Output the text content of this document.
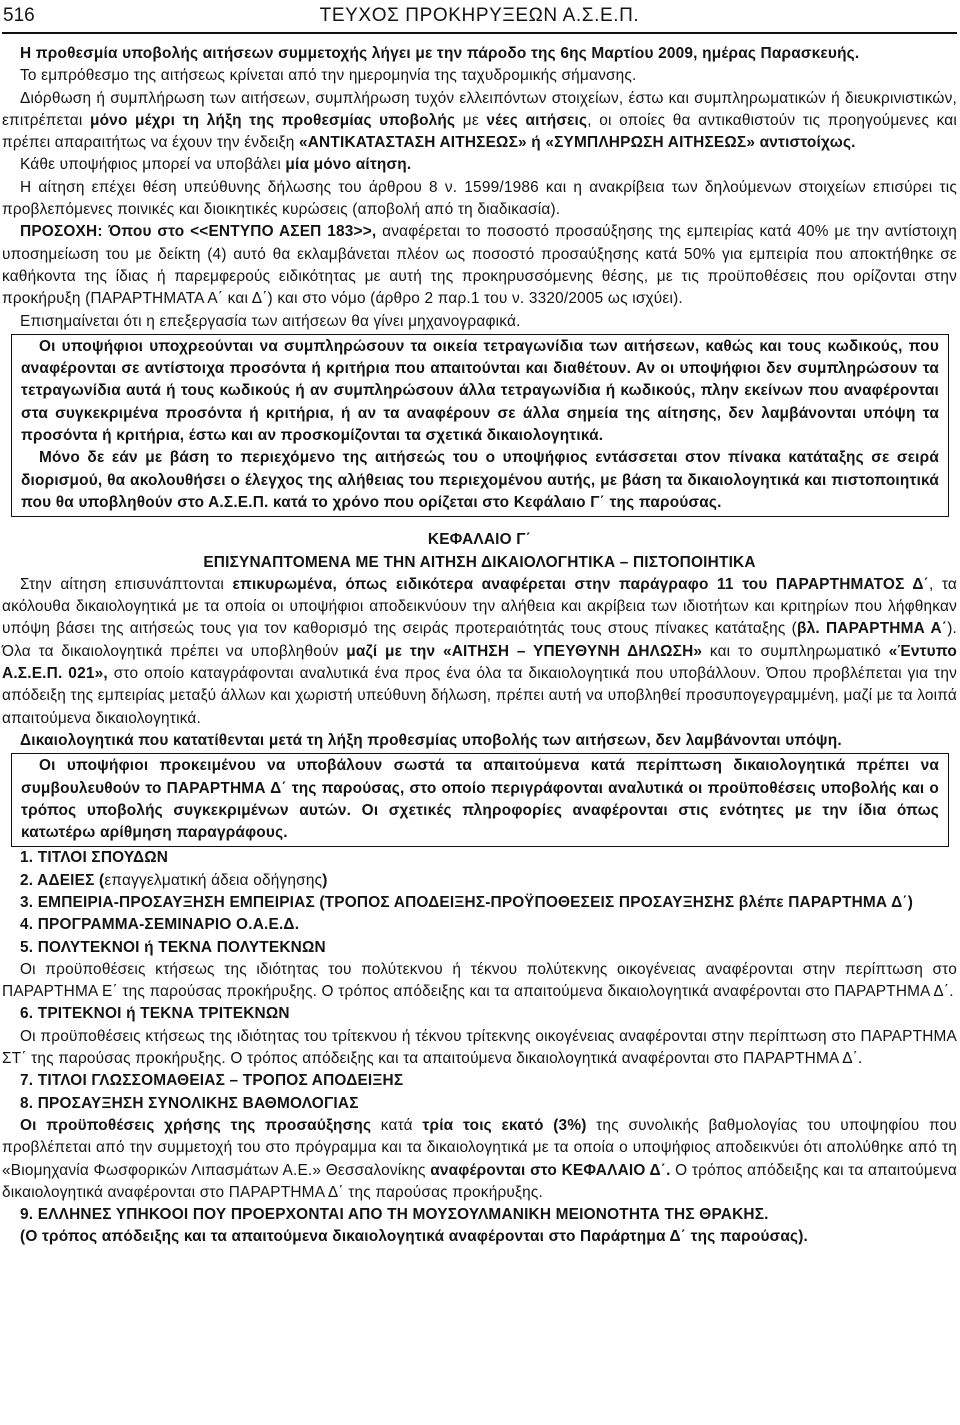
516	ΤΕΥΧΟΣ ΠΡΟΚΗΡΥΞΕΩΝ Α.Σ.Ε.Π.

Η προθεσμία υποβολής αιτήσεων συμμετοχής λήγει με την πάροδο της 6ης Μαρτίου 2009, ημέρας Παρασκευής.

Το εμπρόθεσμο της αιτήσεως κρίνεται από την ημερομηνία της ταχυδρομικής σήμανσης.

Διόρθωση ή συμπλήρωση των αιτήσεων, συμπλήρωση τυχόν ελλειπόντων στοιχείων, έστω και συμπληρωματικών ή διευκρινιστικών, επιτρέπεται μόνο μέχρι τη λήξη της προθεσμίας υποβολής με νέες αιτήσεις, οι οποίες θα αντικαθιστούν τις προηγούμενες και πρέπει απαραιτήτως να έχουν την ένδειξη «ΑΝΤΙΚΑΤΑΣΤΑΣΗ ΑΙΤΗΣΕΩΣ» ή «ΣΥΜΠΛΗΡΩΣΗ ΑΙΤΗΣΕΩΣ» αντιστοίχως.

Κάθε υποψήφιος μπορεί να υποβάλει μία μόνο αίτηση.

Η αίτηση επέχει θέση υπεύθυνης δήλωσης του άρθρου 8 ν. 1599/1986 και η ανακρίβεια των δηλούμενων στοιχείων επισύρει τις προβλεπόμενες ποινικές και διοικητικές κυρώσεις (αποβολή από τη διαδικασία).

ΠΡΟΣΟΧΗ: Όπου στο <<ΕΝΤΥΠΟ ΑΣΕΠ 183>>, αναφέρεται το ποσοστό προσαύξησης της εμπειρίας κατά 40% με την αντίστοιχη υποσημείωση του με δείκτη (4) αυτό θα εκλαμβάνεται πλέον ως ποσοστό προσαύξησης κατά 50% για εμπειρία που αποκτήθηκε σε καθήκοντα της ίδιας ή παρεμφερούς ειδικότητας με αυτή της προκηρυσσόμενης θέσης, με τις προϋποθέσεις που ορίζονται στην προκήρυξη (ΠΑΡΑΡΤΗΜΑΤΑ Α΄ και Δ΄) και στο νόμο (άρθρο 2 παρ.1 του ν. 3320/2005 ως ισχύει).

Επισημαίνεται ότι η επεξεργασία των αιτήσεων θα γίνει μηχανογραφικά.

Οι υποψήφιοι υποχρεούνται να συμπληρώσουν τα οικεία τετραγωνίδια των αιτήσεων, καθώς και τους κωδικούς, που αναφέρονται σε αντίστοιχα προσόντα ή κριτήρια που απαιτούνται και διαθέτουν. Αν οι υποψήφιοι δεν συμπληρώσουν τα τετραγωνίδια αυτά ή τους κωδικούς ή αν συμπληρώσουν άλλα τετραγωνίδια ή κωδικούς, πλην εκείνων που αναφέρονται στα συγκεκριμένα προσόντα ή κριτήρια, ή αν τα αναφέρουν σε άλλα σημεία της αίτησης, δεν λαμβάνονται υπόψη τα προσόντα ή κριτήρια, έστω και αν προσκομίζονται τα σχετικά δικαιολογητικά.

Μόνο δε εάν με βάση το περιεχόμενο της αιτήσεώς του ο υποψήφιος εντάσσεται στον πίνακα κατάταξης σε σειρά διορισμού, θα ακολουθήσει ο έλεγχος της αλήθειας του περιεχομένου αυτής, με βάση τα δικαιολογητικά και πιστοποιητικά που θα υποβληθούν στο Α.Σ.Ε.Π. κατά το χρόνο που ορίζεται στο Κεφάλαιο Γ΄ της παρούσας.

ΚΕΦΑΛΑΙΟ Γ΄

ΕΠΙΣΥΝΑΠΤΟΜΕΝΑ ΜΕ ΤΗΝ ΑΙΤΗΣΗ ΔΙΚΑΙΟΛΟΓΗΤΙΚΑ – ΠΙΣΤΟΠΟΙΗΤΙΚΑ

Στην αίτηση επισυνάπτονται επικυρωμένα, όπως ειδικότερα αναφέρεται στην παράγραφο 11 του ΠΑΡΑΡΤΗΜΑΤΟΣ Δ΄, τα ακόλουθα δικαιολογητικά με τα οποία οι υποψήφιοι αποδεικνύουν την αλήθεια και ακρίβεια των ιδιοτήτων και κριτηρίων που λήφθηκαν υπόψη βάσει της αιτήσεώς τους για τον καθορισμό της σειράς προτεραιότητάς τους στους πίνακες κατάταξης (βλ. ΠΑΡΑΡΤΗΜΑ Α΄). Όλα τα δικαιολογητικά πρέπει να υποβληθούν μαζί με την «ΑΙΤΗΣΗ – ΥΠΕΥΘΥΝΗ ΔΗΛΩΣΗ» και το συμπληρωματικό «Έντυπο Α.Σ.Ε.Π. 021», στο οποίο καταγράφονται αναλυτικά ένα προς ένα όλα τα δικαιολογητικά που υποβάλλουν. Όπου προβλέπεται για την απόδειξη της εμπειρίας μεταξύ άλλων και χωριστή υπεύθυνη δήλωση, πρέπει αυτή να υποβληθεί προσυπογεγραμμένη, μαζί με τα λοιπά απαιτούμενα δικαιολογητικά.

Δικαιολογητικά που κατατίθενται μετά τη λήξη προθεσμίας υποβολής των αιτήσεων, δεν λαμβάνονται υπόψη.

Οι υποψήφιοι προκειμένου να υποβάλουν σωστά τα απαιτούμενα κατά περίπτωση δικαιολογητικά πρέπει να συμβουλευθούν το ΠΑΡΑΡΤΗΜΑ Δ΄ της παρούσας, στο οποίο περιγράφονται αναλυτικά οι προϋποθέσεις υποβολής και ο τρόπος υποβολής συγκεκριμένων αυτών. Οι σχετικές πληροφορίες αναφέρονται στις ενότητες με την ίδια όπως κατωτέρω αρίθμηση παραγράφους.

1. ΤΙΤΛΟΙ ΣΠΟΥΔΩΝ

2. ΑΔΕΙΕΣ (επαγγελματική άδεια οδήγησης)

3. ΕΜΠΕΙΡΙΑ-ΠΡΟΣΑΥΞΗΣΗ ΕΜΠΕΙΡΙΑΣ (ΤΡΟΠΟΣ ΑΠΟΔΕΙΞΗΣ-ΠΡΟΫΠΟΘΕΣΕΙΣ ΠΡΟΣΑΥΞΗΣΗΣ βλέπε ΠΑΡΑΡΤΗΜΑ Δ΄)

4. ΠΡΟΓΡΑΜΜΑ-ΣΕΜΙΝΑΡΙΟ Ο.Α.Ε.Δ.

5. ΠΟΛΥΤΕΚΝΟΙ ή ΤΕΚΝΑ ΠΟΛΥΤΕΚΝΩΝ

Οι προϋποθέσεις κτήσεως της ιδιότητας του πολύτεκνου ή τέκνου πολύτεκνης οικογένειας αναφέρονται στην περίπτωση στο ΠΑΡΑΡΤΗΜΑ Ε΄ της παρούσας προκήρυξης. Ο τρόπος απόδειξης και τα απαιτούμενα δικαιολογητικά αναφέρονται στο ΠΑΡΑΡΤΗΜΑ Δ΄.

6. ΤΡΙΤΕΚΝΟΙ ή ΤΕΚΝΑ ΤΡΙΤΕΚΝΩΝ

Οι προϋποθέσεις κτήσεως της ιδιότητας του τρίτεκνου ή τέκνου τρίτεκνης οικογένειας αναφέρονται στην περίπτωση στο ΠΑΡΑΡΤΗΜΑ ΣΤ΄ της παρούσας προκήρυξης. Ο τρόπος απόδειξης και τα απαιτούμενα δικαιολογητικά αναφέρονται στο ΠΑΡΑΡΤΗΜΑ Δ΄.

7. ΤΙΤΛΟΙ ΓΛΩΣΣΟΜΑΘΕΙΑΣ – ΤΡΟΠΟΣ ΑΠΟΔΕΙΞΗΣ

8. ΠΡΟΣΑΥΞΗΣΗ ΣΥΝΟΛΙΚΗΣ ΒΑΘΜΟΛΟΓΙΑΣ

Οι προϋποθέσεις χρήσης της προσαύξησης κατά τρία τοις εκατό (3%) της συνολικής βαθμολογίας του υποψηφίου που προβλέπεται από την συμμετοχή του στο πρόγραμμα και τα δικαιολογητικά με τα οποία ο υποψήφιος αποδεικνύει ότι απολύθηκε από τη «Βιομηχανία Φωσφορικών Λιπασμάτων Α.Ε.» Θεσσαλονίκης αναφέρονται στο ΚΕΦΑΛΑΙΟ Δ΄. Ο τρόπος απόδειξης και τα απαιτούμενα δικαιολογητικά αναφέρονται στο ΠΑΡΑΡΤΗΜΑ Δ΄ της παρούσας προκήρυξης.

9. ΕΛΛΗΝΕΣ ΥΠΗΚΟΟΙ ΠΟΥ ΠΡΟΕΡΧΟΝΤΑΙ ΑΠΟ ΤΗ ΜΟΥΣΟΥΛΜΑΝΙΚΗ ΜΕΙΟΝΟΤΗΤΑ ΤΗΣ ΘΡΑΚΗΣ.

(Ο τρόπος απόδειξης και τα απαιτούμενα δικαιολογητικά αναφέρονται στο Παράρτημα Δ΄ της παρούσας).
